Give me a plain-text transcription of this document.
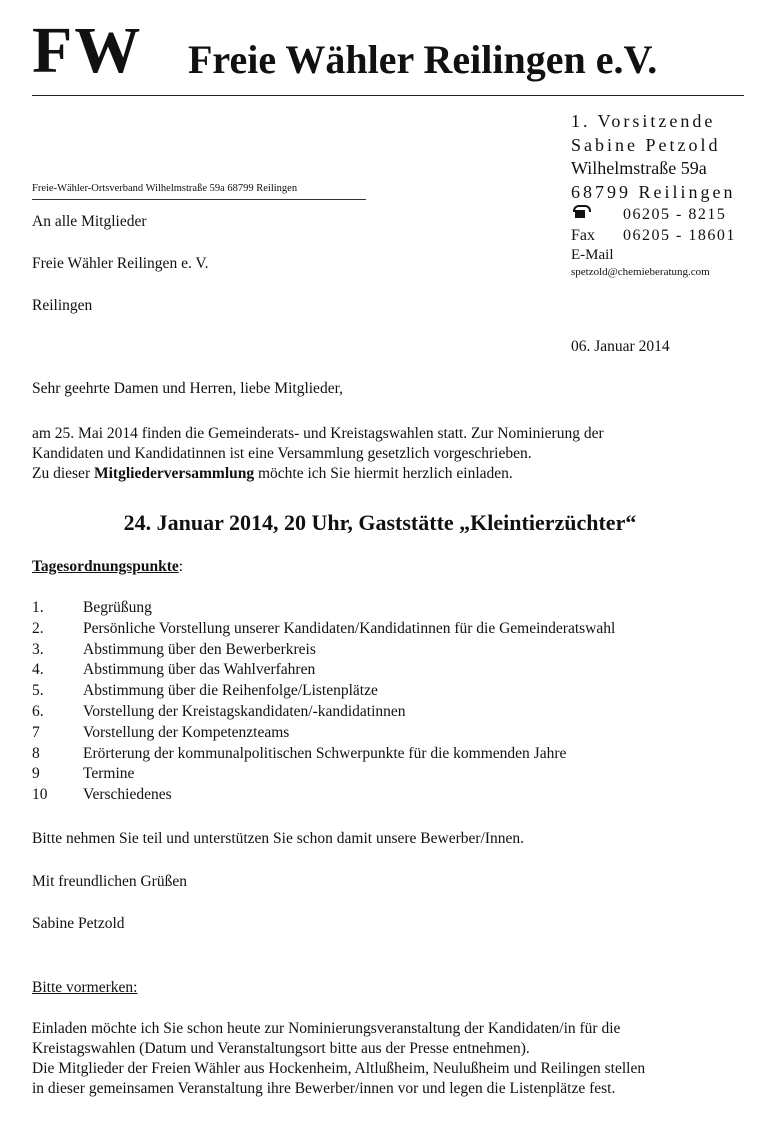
FW Freie Wähler Reilingen e.V.
1. Vorsitzende
Sabine Petzold
Wilhelmstraße 59a
68799 Reilingen
06205 - 8215
Fax	06205 - 18601
E-Mail
spetzold@chemieberatung.com
Freie-Wähler-Ortsverband Wilhelmstraße 59a 68799 Reilingen
An alle Mitglieder
Freie Wähler Reilingen e. V.
Reilingen
06. Januar 2014
Sehr geehrte Damen und Herren, liebe Mitglieder,
am 25. Mai 2014 finden die Gemeinderats- und Kreistagswahlen statt. Zur Nominierung der
Kandidaten und Kandidatinnen ist eine Versammlung gesetzlich vorgeschrieben.
Zu dieser Mitgliederversammlung möchte ich Sie hiermit herzlich einladen.
24. Januar 2014, 20 Uhr, Gaststätte „Kleintierzüchter“
Tagesordnungspunkte:
1.	Begrüßung
2.	Persönliche Vorstellung unserer Kandidaten/Kandidatinnen für die Gemeinderatswahl
3.	Abstimmung über den Bewerberkreis
4.	Abstimmung über das Wahlverfahren
5.	Abstimmung über die Reihenfolge/Listenplätze
6.	Vorstellung der Kreistagskandidaten/-kandidatinnen
7	Vorstellung der Kompetenzteams
8	Erörterung der kommunalpolitischen Schwerpunkte für die kommenden Jahre
9	Termine
10	Verschiedenes
Bitte nehmen Sie teil und unterstützen Sie schon damit unsere Bewerber/Innen.
Mit freundlichen Grüßen
Sabine Petzold
Bitte vormerken:
Einladen möchte ich Sie schon heute zur Nominierungsveranstaltung der Kandidaten/in für die
Kreistagswahlen (Datum und Veranstaltungsort bitte aus der Presse entnehmen).
Die Mitglieder der Freien Wähler aus Hockenheim, Altlußheim, Neulußheim und Reilingen stellen
in dieser gemeinsamen Veranstaltung ihre Bewerber/innen vor und legen die Listenplätze fest.
